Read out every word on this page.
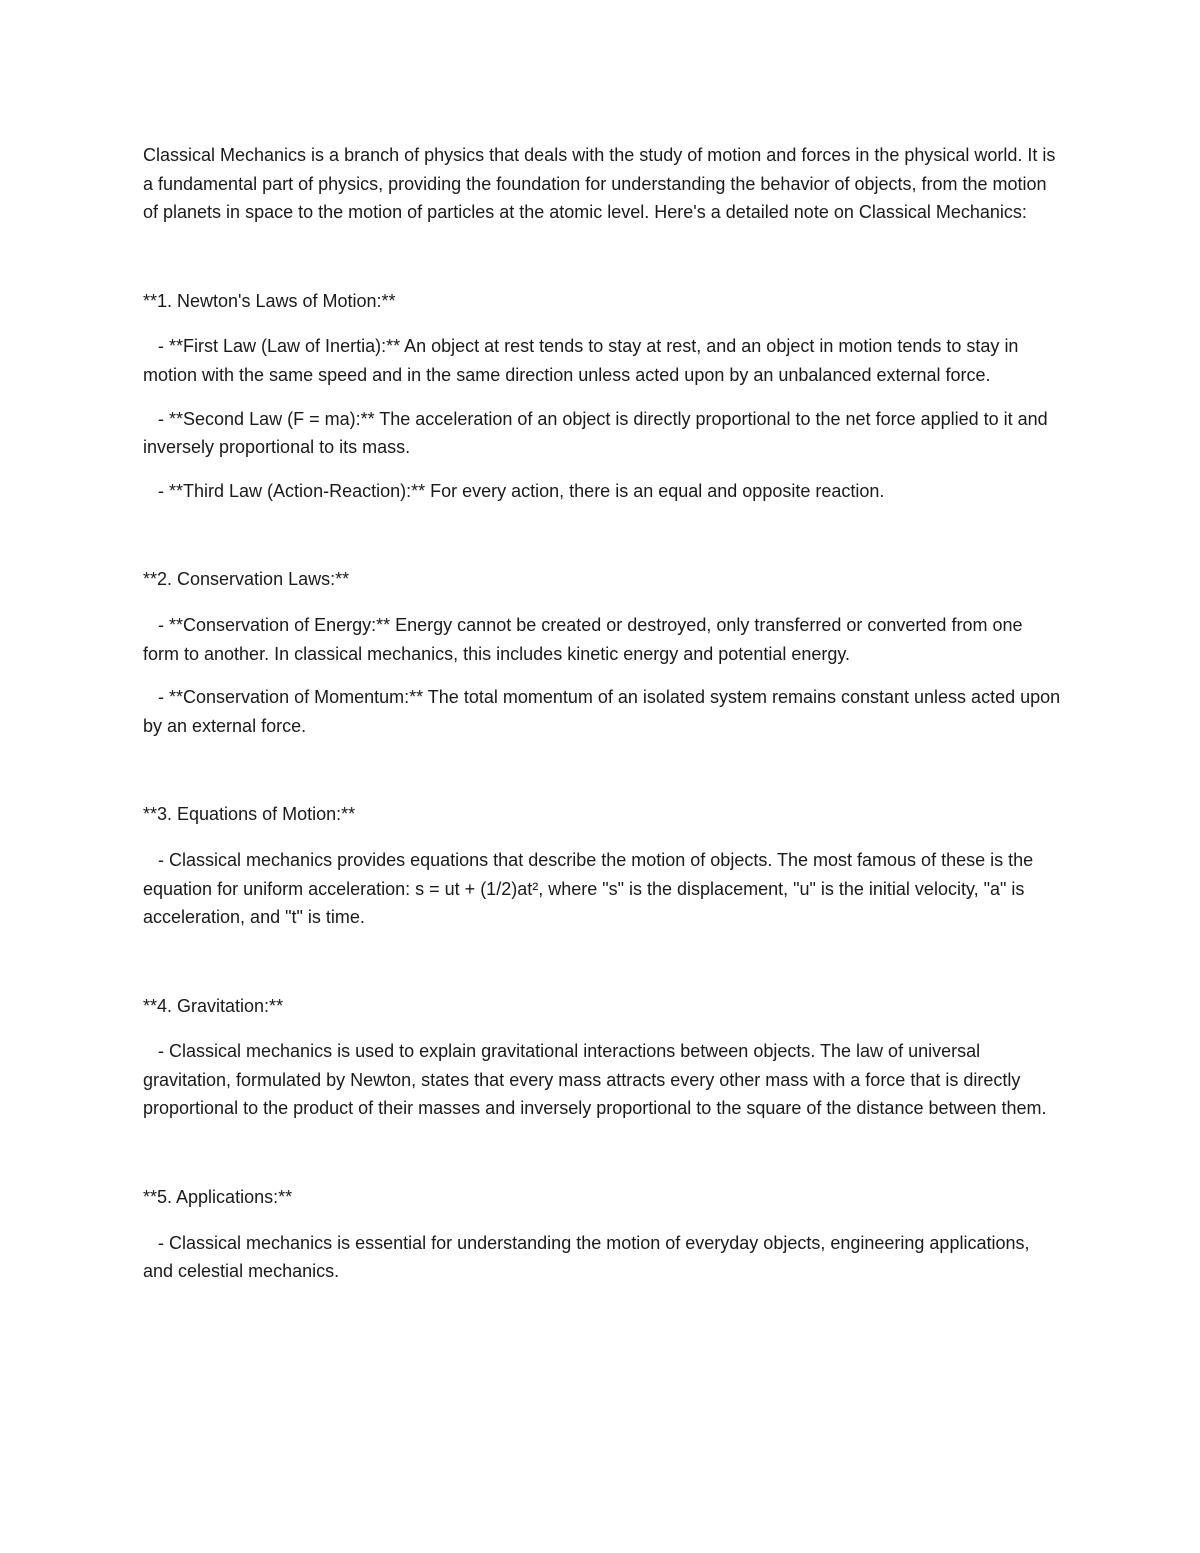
Classical Mechanics is a branch of physics that deals with the study of motion and forces in the physical world. It is a fundamental part of physics, providing the foundation for understanding the behavior of objects, from the motion of planets in space to the motion of particles at the atomic level. Here's a detailed note on Classical Mechanics:

**1. Newton's Laws of Motion:**

- **First Law (Law of Inertia):** An object at rest tends to stay at rest, and an object in motion tends to stay in motion with the same speed and in the same direction unless acted upon by an unbalanced external force.

- **Second Law (F = ma):** The acceleration of an object is directly proportional to the net force applied to it and inversely proportional to its mass.

- **Third Law (Action-Reaction):** For every action, there is an equal and opposite reaction.

**2. Conservation Laws:**

- **Conservation of Energy:** Energy cannot be created or destroyed, only transferred or converted from one form to another. In classical mechanics, this includes kinetic energy and potential energy.

- **Conservation of Momentum:** The total momentum of an isolated system remains constant unless acted upon by an external force.

**3. Equations of Motion:**

- Classical mechanics provides equations that describe the motion of objects. The most famous of these is the equation for uniform acceleration: s = ut + (1/2)at², where "s" is the displacement, "u" is the initial velocity, "a" is acceleration, and "t" is time.

**4. Gravitation:**

- Classical mechanics is used to explain gravitational interactions between objects. The law of universal gravitation, formulated by Newton, states that every mass attracts every other mass with a force that is directly proportional to the product of their masses and inversely proportional to the square of the distance between them.

**5. Applications:**

- Classical mechanics is essential for understanding the motion of everyday objects, engineering applications, and celestial mechanics.
